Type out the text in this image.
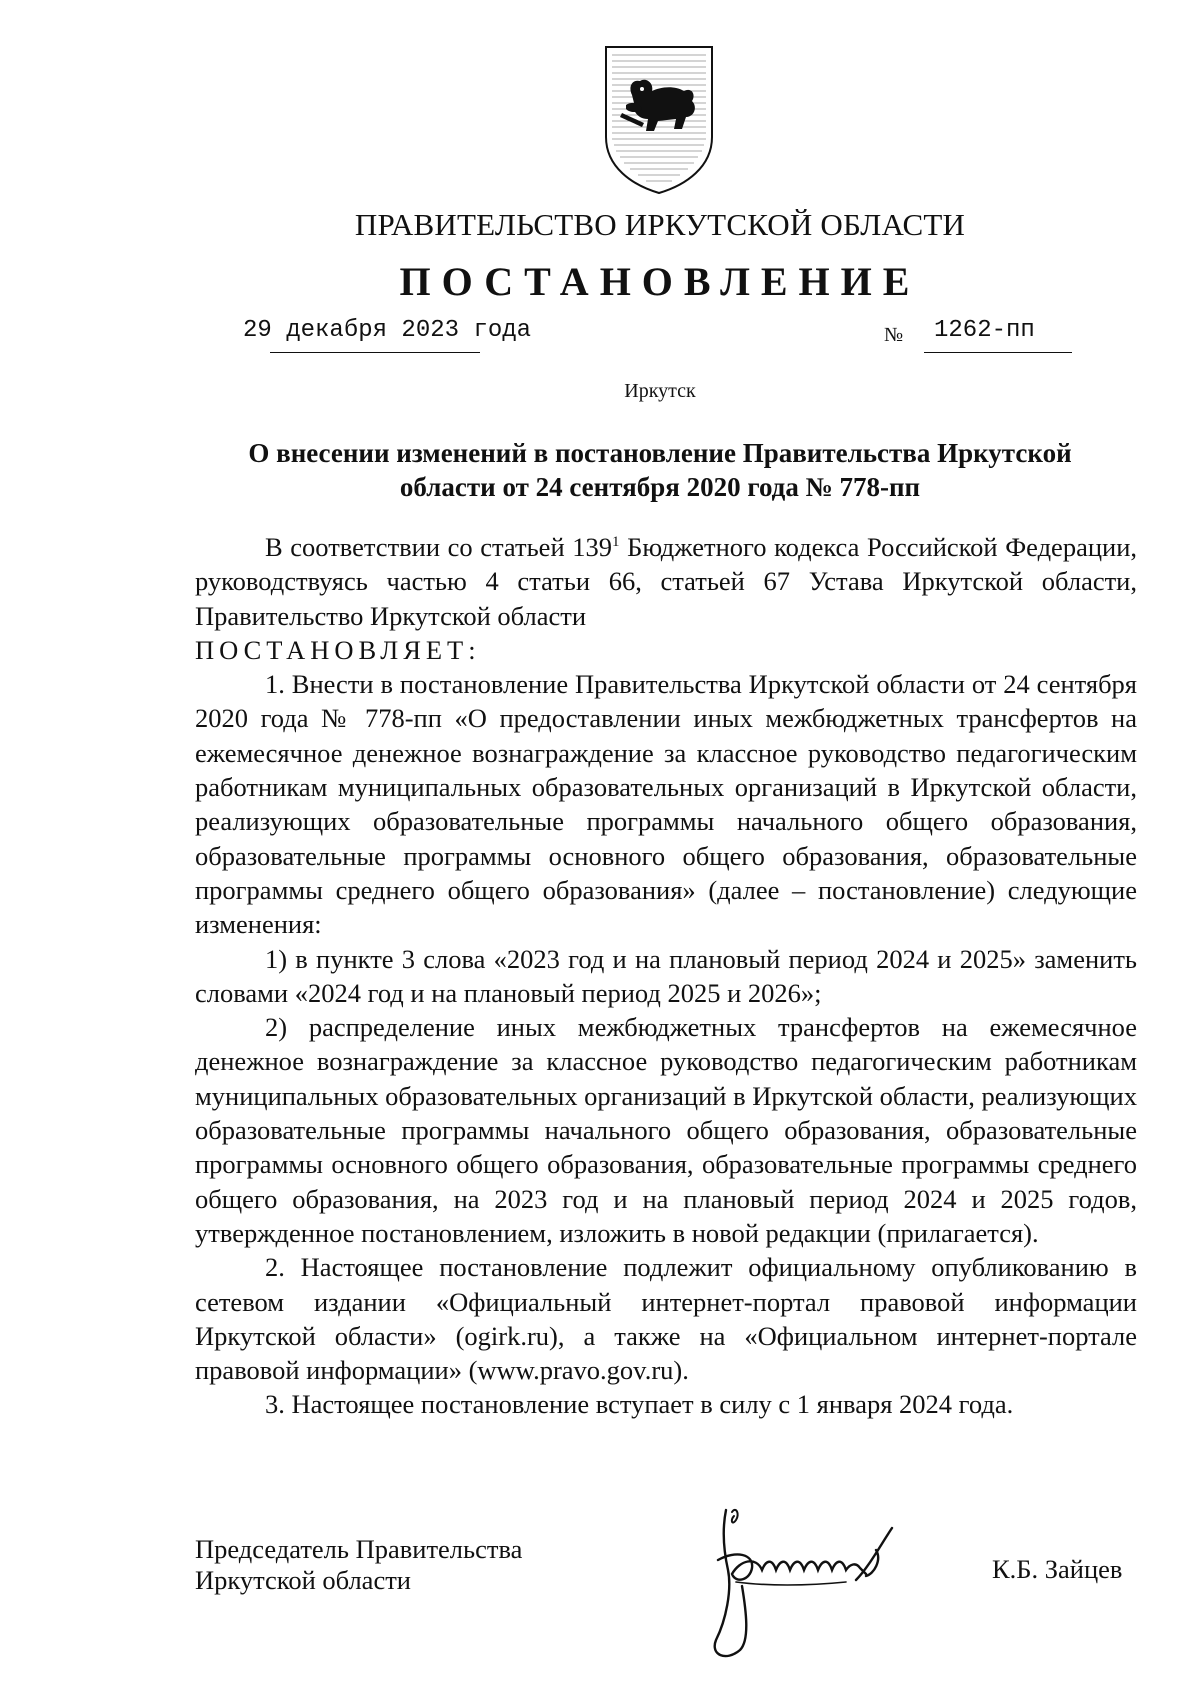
ПРАВИТЕЛЬСТВО ИРКУТСКОЙ ОБЛАСТИ
ПОСТАНОВЛЕНИЕ
29 декабря 2023 года	№	1262-пп
Иркутск
О внесении изменений в постановление Правительства Иркутской
области от 24 сентября 2020 года № 778-пп

В соответствии со статьей $139^1$ Бюджетного кодекса Российской Федерации, руководствуясь частью 4 статьи 66, статьей 67 Устава Иркутской области, Правительство Иркутской области

ПОСТАНОВЛЯЕТ:

1. Внести в постановление Правительства Иркутской области от 24 сентября 2020 года № 778-пп «О предоставлении иных межбюджетных трансфертов на ежемесячное денежное вознаграждение за классное руководство педагогическим работникам муниципальных образовательных организаций в Иркутской области, реализующих образовательные программы начального общего образования, образовательные программы основного общего образования, образовательные программы среднего общего образования» (далее – постановление) следующие изменения:

1) в пункте 3 слова «2023 год и на плановый период 2024 и 2025» заменить словами «2024 год и на плановый период 2025 и 2026»;

2) распределение иных межбюджетных трансфертов на ежемесячное денежное вознаграждение за классное руководство педагогическим работникам муниципальных образовательных организаций в Иркутской области, реализующих образовательные программы начального общего образования, образовательные программы основного общего образования, образовательные программы среднего общего образования, на 2023 год и на плановый период 2024 и 2025 годов, утвержденное постановлением, изложить в новой редакции (прилагается).

2. Настоящее постановление подлежит официальному опубликованию в сетевом издании «Официальный интернет-портал правовой информации Иркутской области» (ogirk.ru), а также на «Официальном интернет-портале правовой информации» (www.pravo.gov.ru).

3. Настоящее постановление вступает в силу с 1 января 2024 года.

Председатель Правительства
Иркутской области	К.Б. Зайцев
